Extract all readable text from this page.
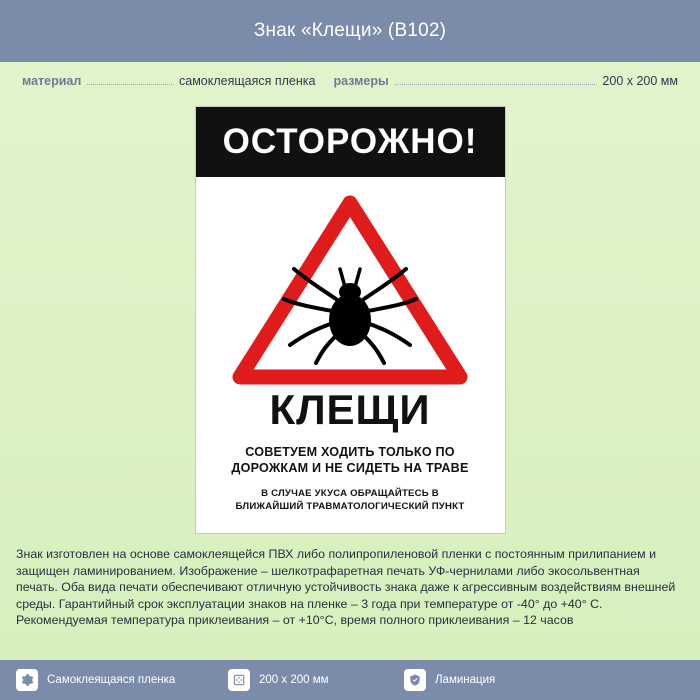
Знак «Клещи» (B102)
материал	самоклеящаяся пленка размеры	200 x 200 мм
ОСТОРОЖНО!
КЛЕЩИ
СОВЕТУЕМ ХОДИТЬ ТОЛЬКО ПО
ДОРОЖКАМ И НЕ СИДЕТЬ НА ТРАВЕ
В СЛУЧАЕ УКУСА ОБРАЩАЙТЕСЬ В
БЛИЖАЙШИЙ ТРАВМАТОЛОГИЧЕСКИЙ ПУНКТ
Знак изготовлен на основе самоклеящейся ПВХ либо полипропиленовой пленки с постоянным прилипанием и защищен ламинированием. Изображение – шелкотрафаретная печать УФ-чернилами либо экосольвентная печать. Оба вида печати обеспечивают отличную устойчивость знака даже к агрессивным воздействиям внешней среды. Гарантийный срок эксплуатации знаков на пленке – 3 года при температуре от -40° до +40° С. Рекомендуемая температура приклеивания – от +10°С, время полного приклеивания – 12 часов
Самоклеящаяся пленка	200 x 200 мм	Ламинация
